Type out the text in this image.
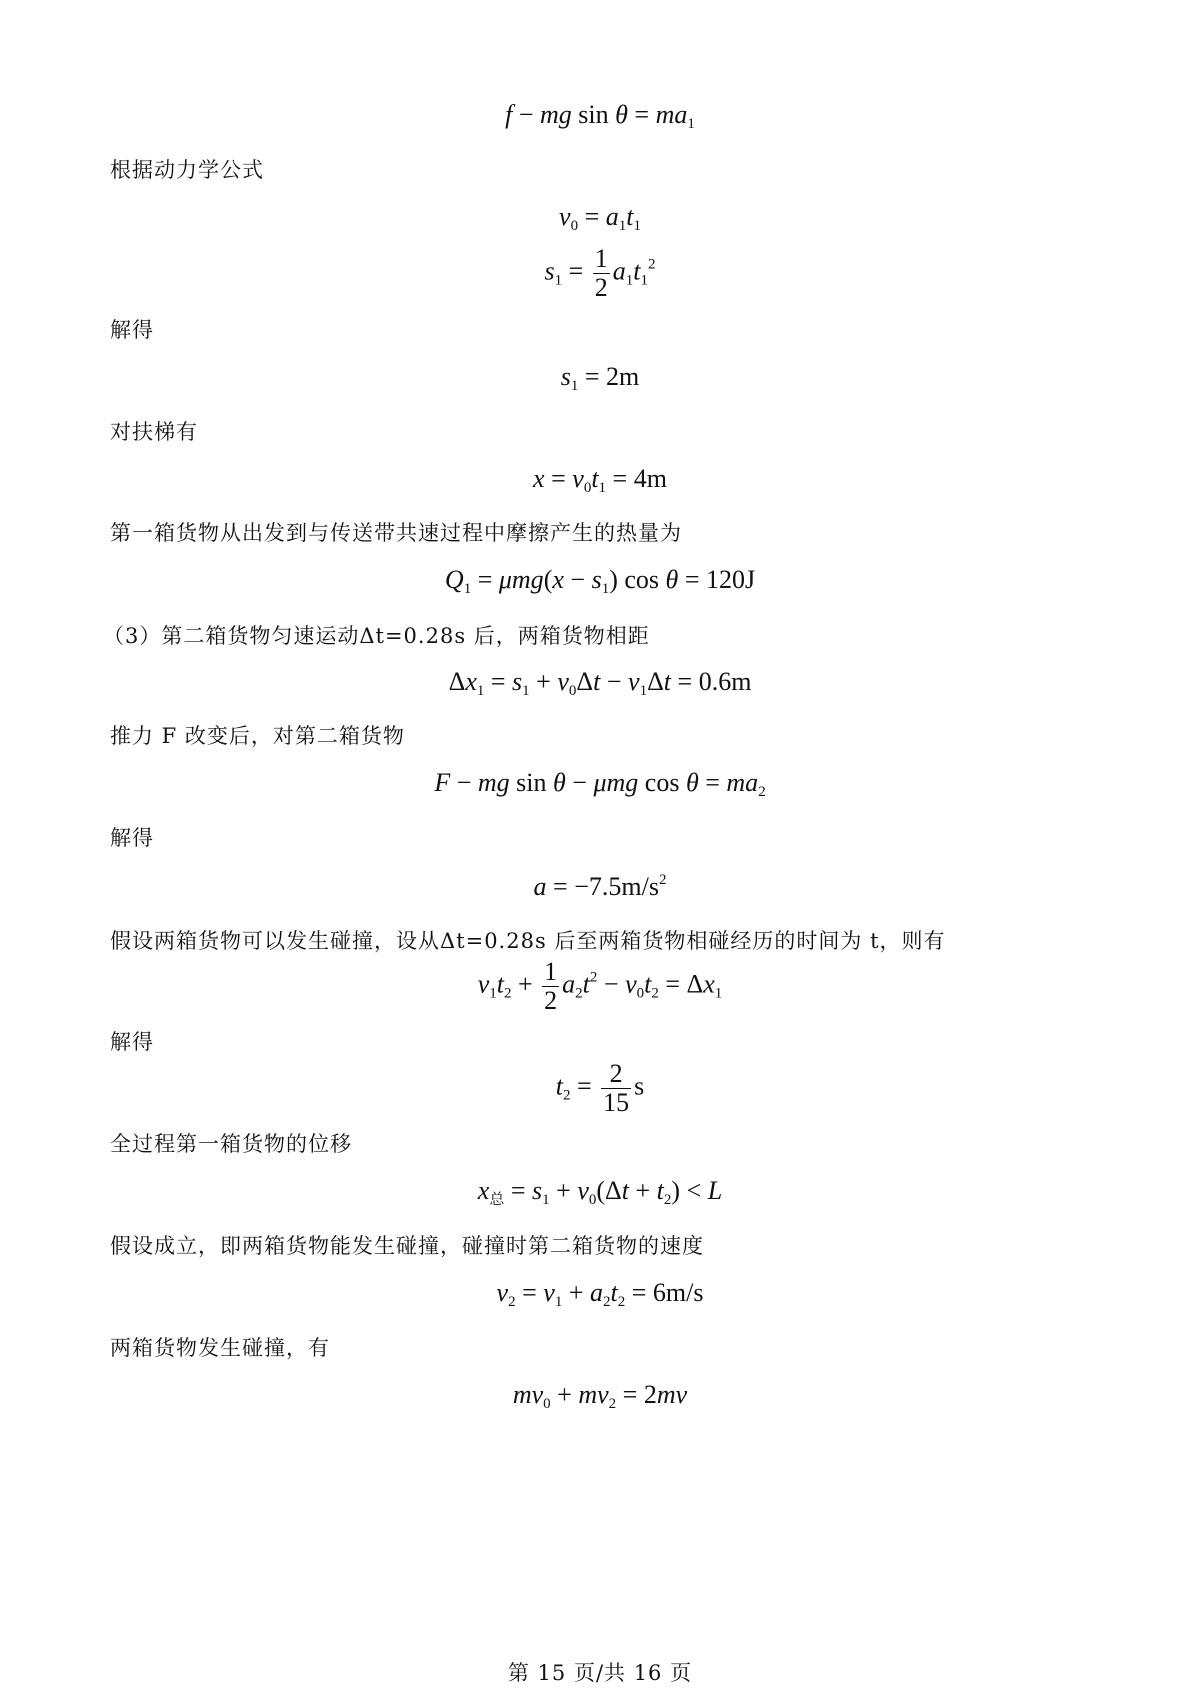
f − mg $\sin \theta = ma_1$
根据动力学公式
$v_0 = a_1t_1$
$s_1 = \frac{1}{2} a_1t_1^2$
解得
$s_1 = 2m$
对扶梯有
$x = v_0t_1 = 4m$
第一箱货物从出发到与传送带共速过程中摩擦产生的热量为
$Q_1 = \mu mg(x - s_1)$ cos θ = 120J
（3）第二箱货物匀速运动Δt=0.28s 后，两箱货物相距
$\Delta x_1 = s_1 + v_0\Delta t - v_1\Delta t = 0.6m$
推力 F 改变后，对第二箱货物
F − mg sin θ − μmg $\cos \theta = ma_2$
解得
$a = -7.5m/s^2$
假设两箱货物可以发生碰撞，设从Δt=0.28s 后至两箱货物相碰经历的时间为 t，则有
$v_1t_2 + \frac{1}{2} a_2t^2 - v_0t_2 = \Delta x_1$
解得
$t_2 = \frac{2}{15}$ s
全过程第一箱货物的位移
$x_总 = s_1 + v_0(\Delta t + t_2) < L$
假设成立，即两箱货物能发生碰撞，碰撞时第二箱货物的速度
$v_2 = v_1 + a_2t_2 = 6m/s$
两箱货物发生碰撞，有
$mv_0 + mv_2 = 2mv$
第 15 页/共 16 页
